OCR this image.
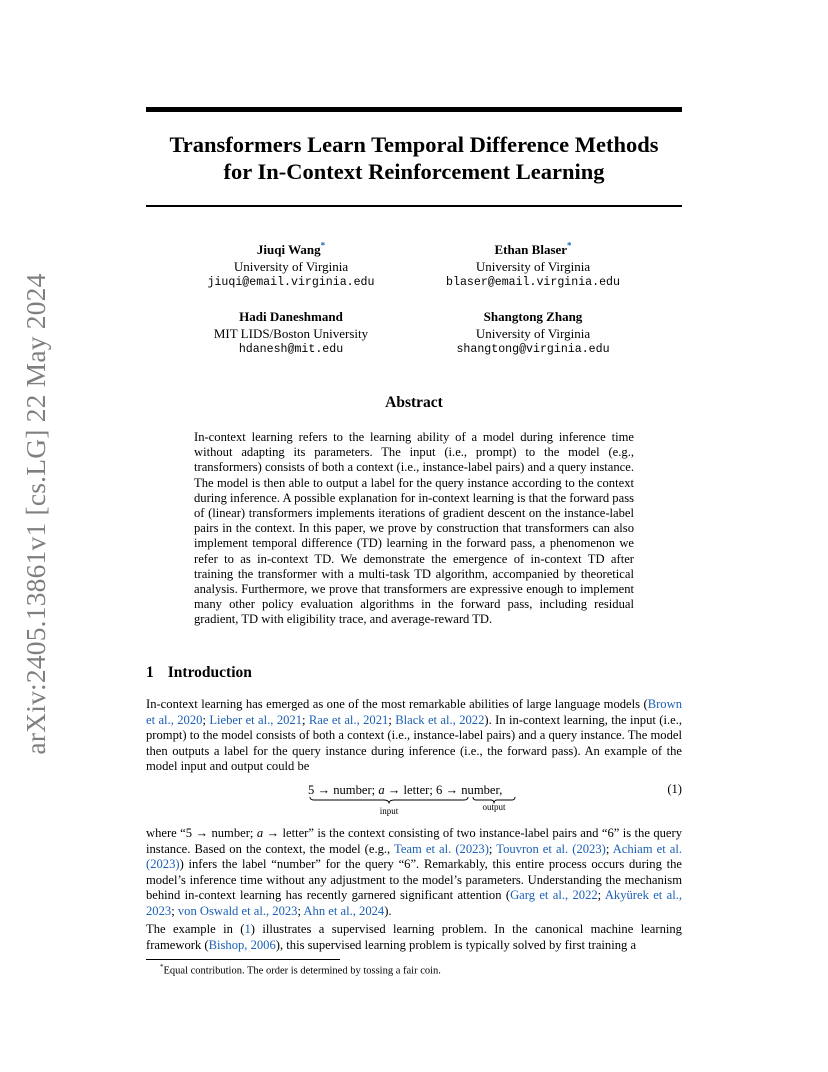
arXiv:2405.13861v1 [cs.LG] 22 May 2024
Transformers Learn Temporal Difference Methods
for In-Context Reinforcement Learning
Jiuqi Wang*
University of Virginia
jiuqi@email.virginia.edu
Ethan Blaser*
University of Virginia
blaser@email.virginia.edu
Hadi Daneshmand
MIT LIDS/Boston University
hdanesh@mit.edu
Shangtong Zhang
University of Virginia
shangtong@virginia.edu
Abstract

In-context learning refers to the learning ability of a model during inference time without adapting its parameters. The input (i.e., prompt) to the model (e.g., transformers) consists of both a context (i.e., instance-label pairs) and a query instance. The model is then able to output a label for the query instance according to the context during inference. A possible explanation for in-context learning is that the forward pass of (linear) transformers implements iterations of gradient descent on the instance-label pairs in the context. In this paper, we prove by construction that transformers can also implement temporal difference (TD) learning in the forward pass, a phenomenon we refer to as in-context TD. We demonstrate the emergence of in-context TD after training the transformer with a multi-task TD algorithm, accompanied by theoretical analysis. Furthermore, we prove that transformers are expressive enough to implement many other policy evaluation algorithms in the forward pass, including residual gradient, TD with eligibility trace, and average-reward TD.

1 Introduction

In-context learning has emerged as one of the most remarkable abilities of large language models (Brown et al., 2020; Lieber et al., 2021; Rae et al., 2021; Black et al., 2022). In in-context learning, the input (i.e., prompt) to the model consists of both a context (i.e., instance-label pairs) and a query instance. The model then outputs a label for the query instance during inference (i.e., the forward pass). An example of the model input and output could be

5 → number; a → letter; 6 → number,
input	output
(1)

where “5 → number; a → letter” is the context consisting of two instance-label pairs and “6” is the query instance. Based on the context, the model (e.g., Team et al. (2023); Touvron et al. (2023); Achiam et al. (2023)) infers the label “number” for the query “6”. Remarkably, this entire process occurs during the model’s inference time without any adjustment to the model’s parameters. Understanding the mechanism behind in-context learning has recently garnered significant attention (Garg et al., 2022; Akyürek et al., 2023; von Oswald et al., 2023; Ahn et al., 2024).

The example in (1) illustrates a supervised learning problem. In the canonical machine learning framework (Bishop, 2006), this supervised learning problem is typically solved by first training a

*Equal contribution. The order is determined by tossing a fair coin.
